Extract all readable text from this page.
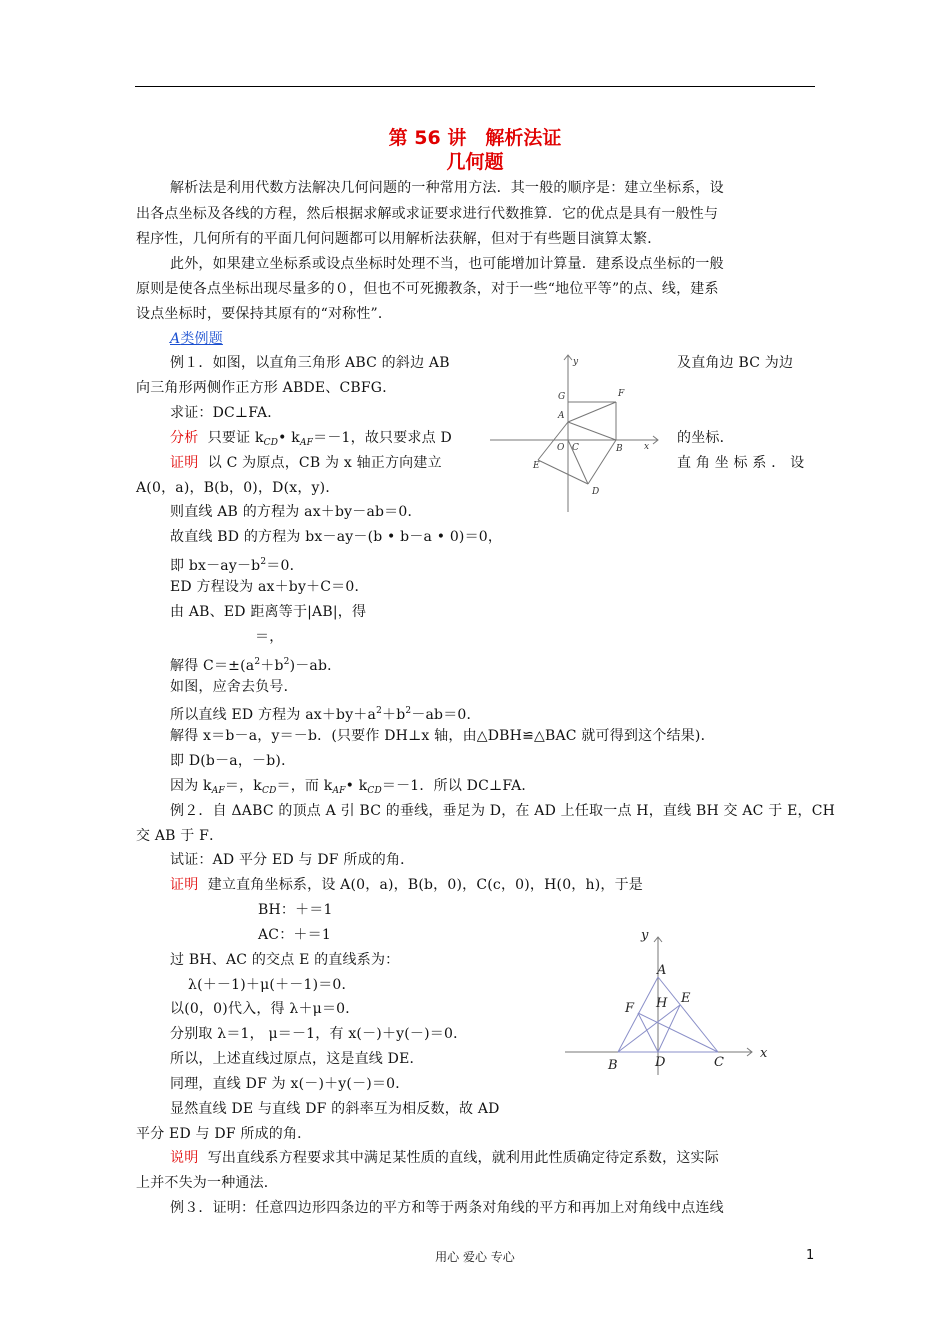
第 56 讲　解析法证
几何题
解析法是利用代数方法解决几何问题的一种常用方法．其一般的顺序是：建立坐标系，设
出各点坐标及各线的方程，然后根据求解或求证要求进行代数推算．它的优点是具有一般性与
程序性，几何所有的平面几何问题都可以用解析法获解，但对于有些题目演算太繁．
此外，如果建立坐标系或设点坐标时处理不当，也可能增加计算量．建系设点坐标的一般
原则是使各点坐标出现尽量多的０，但也不可死搬教条，对于一些“地位平等”的点、线，建系
设点坐标时，要保持其原有的“对称性”．
A类例题
例１．如图，以直角三角形 ABC 的斜边 AB	及直角边 BC 为边
向三角形两侧作正方形 ABDE、CBFG．
求证：DC⊥FA．
分析 只要证 $k_{CD}•$ $k_{AF}=-1$，故只要求点 D	的坐标．
证明 以 C 为原点，CB 为 x 轴正方向建立	直 角 坐 标 系 ． 设
A(0，a)，B(b，0)，D(x，y)．
则直线 AB 的方程为 ax＋by－ab＝0．
故直线 BD 的方程为 bx－ay－(b • b－a • 0)＝0，
即 $bx-ay-b^2=0$．
ED 方程设为 ax＋by＋C＝0．
由 AB、ED 距离等于|AB|，得
＝，
解得 $C=\pm(a^2+b^2)-ab$．
如图，应舍去负号．
所以直线 ED 方程为 $ax+by+a^2+b^2-ab=0$．
解得 x＝b－a，y＝－b．(只要作 DH⊥x 轴，由△DBH≌△BAC 就可得到这个结果)．
即 D(b－a，－b)．
因为 $k_{AF}=$，$k_{CD}=$，而 $k_{AF}•$ $k_{CD}=-1$．所以 DC⊥FA．
y
x
G	F
A
O C	B
E
D
例２．自 ΔABC 的顶点 A 引 BC 的垂线，垂足为 D，在 AD 上任取一点 H，直线 BH 交 AC 于 E，CH
交 AB 于 F．
试证：AD 平分 ED 与 DF 所成的角．
证明 建立直角坐标系，设 A(0，a)，B(b，0)，C(c，0)，H(0，h)，于是
BH：＋＝1
AC：＋＝1
过 BH、AC 的交点 E 的直线系为：
λ(＋－1)＋μ(＋－1)＝0．
以(0，0)代入，得 λ＋μ＝0．
分别取 λ＝1， μ＝－1，有 x(－)＋y(－)＝0．
所以，上述直线过原点，这是直线 DE．
同理，直线 DF 为 x(－)＋y(－)＝0．
显然直线 DE 与直线 DF 的斜率互为相反数，故 AD
平分 ED 与 DF 所成的角．
说明 写出直线系方程要求其中满足某性质的直线，就利用此性质确定待定系数，这实际
上并不失为一种通法．
y
x
A
E
H
F
B	D	C
例３．证明：任意四边形四条边的平方和等于两条对角线的平方和再加上对角线中点连线
用心 爱心 专心	1
